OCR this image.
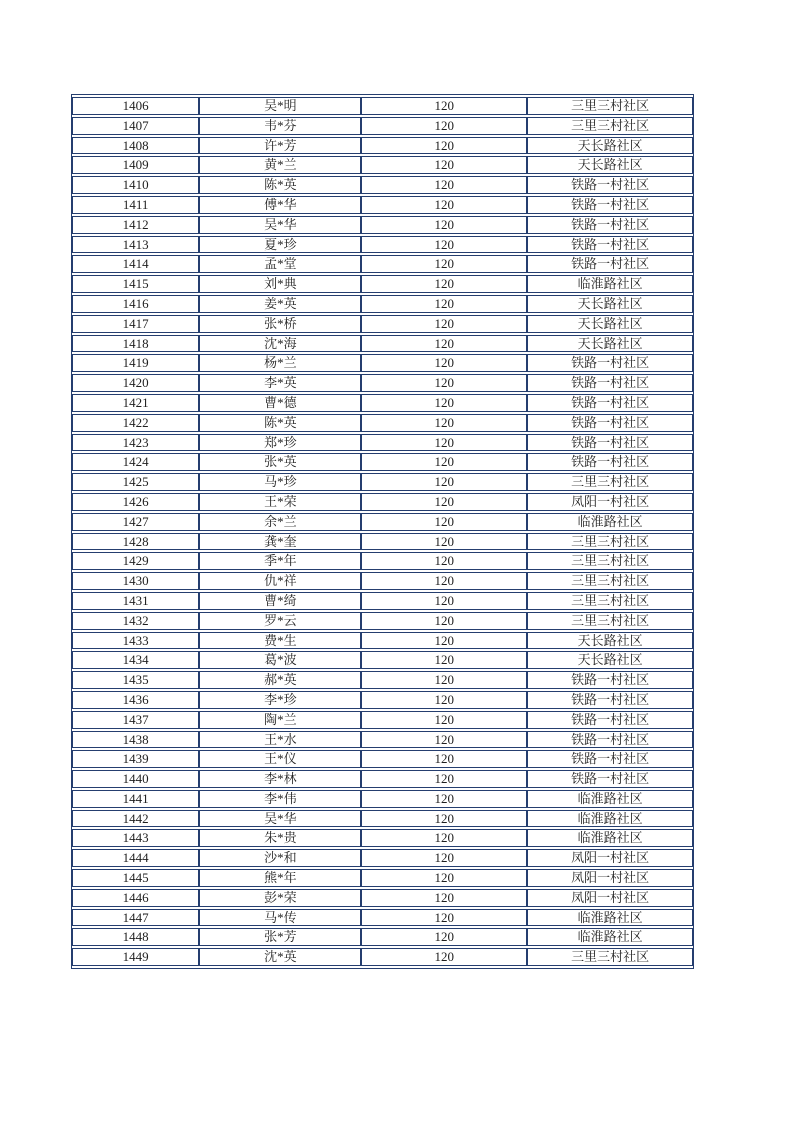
1406	吴*明	120	三里三村社区
1407	韦*芬	120	三里三村社区
1408	许*芳	120	天长路社区
1409	黄*兰	120	天长路社区
1410	陈*英	120	铁路一村社区
1411	傅*华	120	铁路一村社区
1412	吴*华	120	铁路一村社区
1413	夏*珍	120	铁路一村社区
1414	孟*堂	120	铁路一村社区
1415	刘*典	120	临淮路社区
1416	姜*英	120	天长路社区
1417	张*桥	120	天长路社区
1418	沈*海	120	天长路社区
1419	杨*兰	120	铁路一村社区
1420	李*英	120	铁路一村社区
1421	曹*德	120	铁路一村社区
1422	陈*英	120	铁路一村社区
1423	郑*珍	120	铁路一村社区
1424	张*英	120	铁路一村社区
1425	马*珍	120	三里三村社区
1426	王*荣	120	凤阳一村社区
1427	余*兰	120	临淮路社区
1428	龚*奎	120	三里三村社区
1429	季*年	120	三里三村社区
1430	仇*祥	120	三里三村社区
1431	曹*绮	120	三里三村社区
1432	罗*云	120	三里三村社区
1433	费*生	120	天长路社区
1434	葛*波	120	天长路社区
1435	郝*英	120	铁路一村社区
1436	李*珍	120	铁路一村社区
1437	陶*兰	120	铁路一村社区
1438	王*水	120	铁路一村社区
1439	王*仪	120	铁路一村社区
1440	李*林	120	铁路一村社区
1441	李*伟	120	临淮路社区
1442	吴*华	120	临淮路社区
1443	朱*贵	120	临淮路社区
1444	沙*和	120	凤阳一村社区
1445	熊*年	120	凤阳一村社区
1446	彭*荣	120	凤阳一村社区
1447	马*传	120	临淮路社区
1448	张*芳	120	临淮路社区
1449	沈*英	120	三里三村社区
